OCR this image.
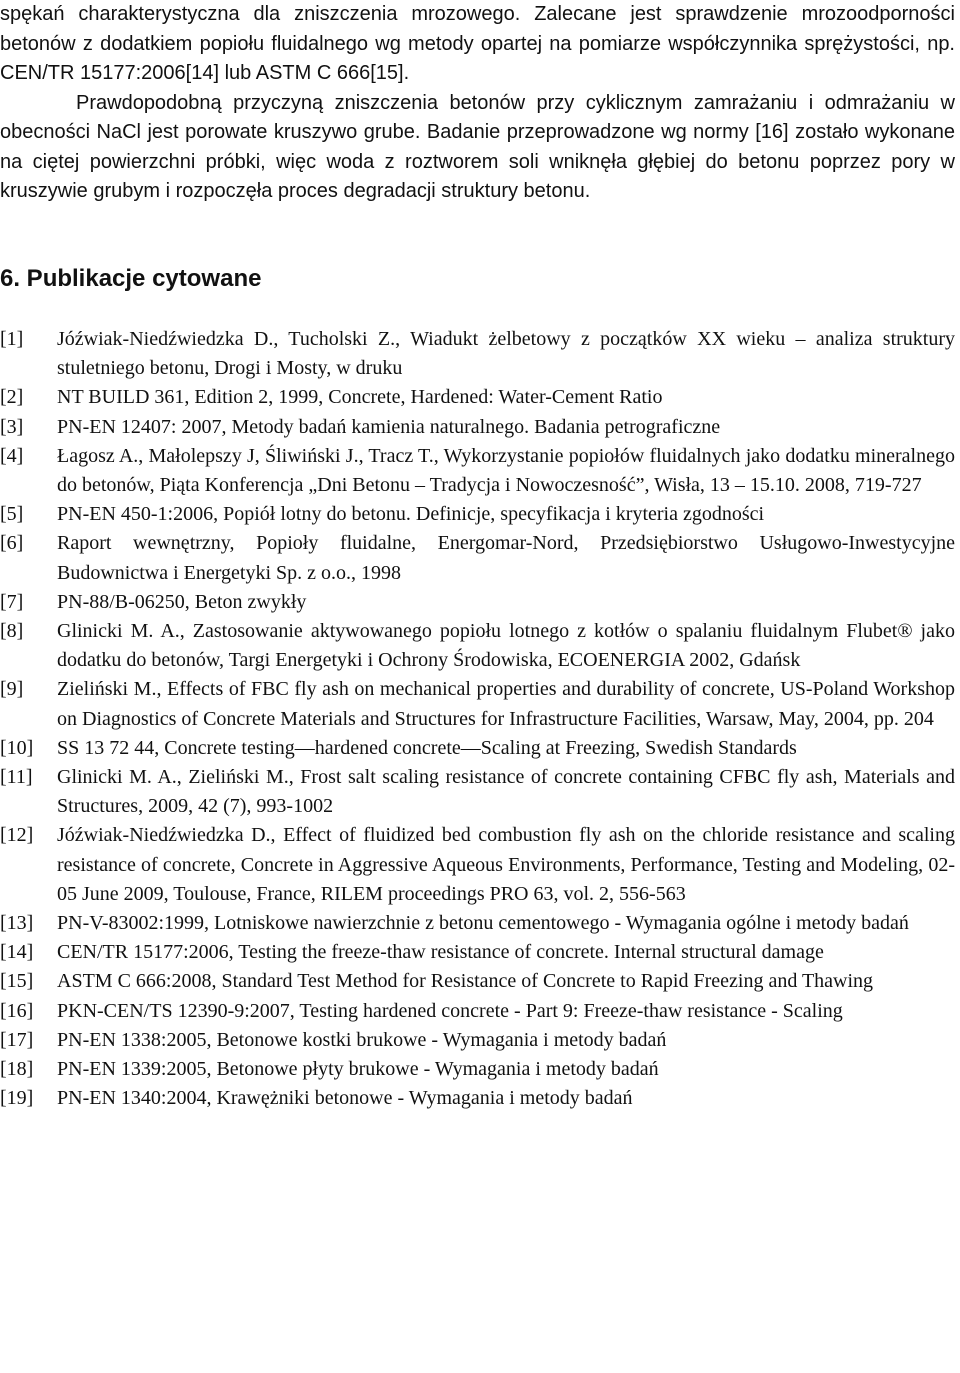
spękań charakterystyczna dla zniszczenia mrozowego. Zalecane jest sprawdzenie mrozoodporności betonów z dodatkiem popiołu fluidalnego wg metody opartej na pomiarze współczynnika sprężystości, np. CEN/TR 15177:2006[14] lub ASTM C 666[15].

Prawdopodobną przyczyną zniszczenia betonów przy cyklicznym zamrażaniu i odmrażaniu w obecności NaCl jest porowate kruszywo grube. Badanie przeprowadzone wg normy [16] zostało wykonane na ciętej powierzchni próbki, więc woda z roztworem soli wniknęła głębiej do betonu poprzez pory w kruszywie grubym i rozpoczęła proces degradacji struktury betonu.

6. Publikacje cytowane
[1] Jóźwiak-Niedźwiedzka D., Tucholski Z., Wiadukt żelbetowy z początków XX wieku – analiza struktury stuletniego betonu, Drogi i Mosty, w druku
[2] NT BUILD 361, Edition 2, 1999, Concrete, Hardened: Water-Cement Ratio
[3] PN-EN 12407: 2007, Metody badań kamienia naturalnego. Badania petrograficzne
[4] Łagosz A., Małolepszy J, Śliwiński J., Tracz T., Wykorzystanie popiołów fluidalnych jako dodatku mineralnego do betonów, Piąta Konferencja „Dni Betonu – Tradycja i Nowoczesność”, Wisła, 13 – 15.10. 2008, 719-727
[5] PN-EN 450-1:2006, Popiół lotny do betonu. Definicje, specyfikacja i kryteria zgodności
[6] Raport wewnętrzny, Popioły fluidalne, Energomar-Nord, Przedsiębiorstwo Usługowo-Inwestycyjne Budownictwa i Energetyki Sp. z o.o., 1998
[7] PN-88/B-06250, Beton zwykły
[8] Glinicki M. A., Zastosowanie aktywowanego popiołu lotnego z kotłów o spalaniu fluidalnym Flubet® jako dodatku do betonów, Targi Energetyki i Ochrony Środowiska, ECOENERGIA 2002, Gdańsk
[9] Zieliński M., Effects of FBC fly ash on mechanical properties and durability of concrete, US-Poland Workshop on Diagnostics of Concrete Materials and Structures for Infrastructure Facilities, Warsaw, May, 2004, pp. 204
[10] SS 13 72 44, Concrete testing—hardened concrete—Scaling at Freezing, Swedish Standards
[11] Glinicki M. A., Zieliński M., Frost salt scaling resistance of concrete containing CFBC fly ash, Materials and Structures, 2009, 42 (7), 993-1002
[12] Jóźwiak-Niedźwiedzka D., Effect of fluidized bed combustion fly ash on the chloride resistance and scaling resistance of concrete, Concrete in Aggressive Aqueous Environments, Performance, Testing and Modeling, 02-05 June 2009, Toulouse, France, RILEM proceedings PRO 63, vol. 2, 556-563
[13] PN-V-83002:1999, Lotniskowe nawierzchnie z betonu cementowego - Wymagania ogólne i metody badań
[14] CEN/TR 15177:2006, Testing the freeze-thaw resistance of concrete. Internal structural damage
[15] ASTM C 666:2008, Standard Test Method for Resistance of Concrete to Rapid Freezing and Thawing
[16] PKN-CEN/TS 12390-9:2007, Testing hardened concrete - Part 9: Freeze-thaw resistance - Scaling
[17] PN-EN 1338:2005, Betonowe kostki brukowe - Wymagania i metody badań
[18] PN-EN 1339:2005, Betonowe płyty brukowe - Wymagania i metody badań
[19] PN-EN 1340:2004, Krawężniki betonowe - Wymagania i metody badań
